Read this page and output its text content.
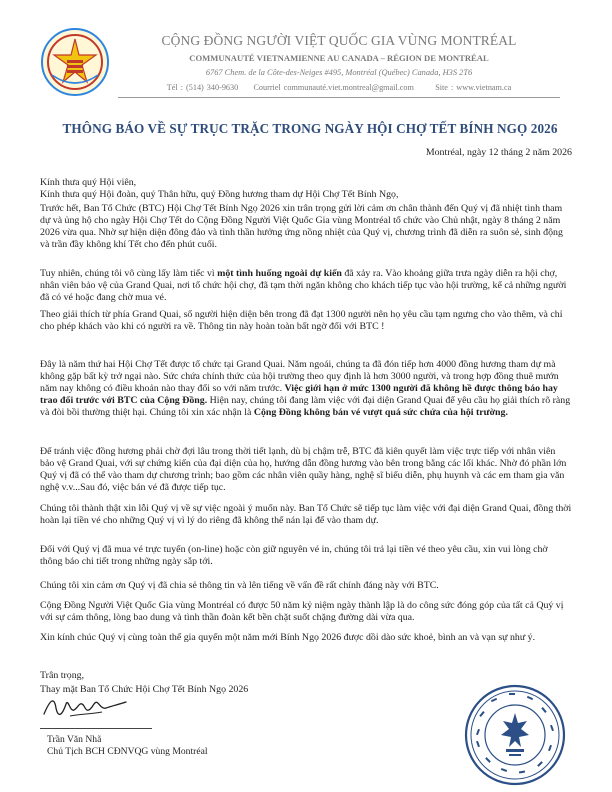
CỘNG ĐỒNG NGƯỜI VIỆT QUỐC GIA VÙNG MONTRÉAL
COMMUNAUTÉ VIETNAMIENNE AU CANADA – RÉGION DE MONTRÉAL
6767 Chem. de la Côte-des-Neiges #495, Montréal (Québec) Canada, H3S 2T6
Tél : (514) 340-9630 Courriel communauté.viet.montreal@gmail.com	Site : www.vietnam.ca
THÔNG BÁO VỀ SỰ TRỤC TRẶC TRONG NGÀY HỘI CHỢ TẾT BÍNH NGỌ 2026
Montréal, ngày 12 tháng 2 năm 2026

Kính thưa quý Hội viên,

Kính thưa quý Hội đoàn, quý Thân hữu, quý Đồng hương tham dự Hội Chợ Tết Bính Ngọ,

Trước hết, Ban Tổ Chức (BTC) Hội Chợ Tết Bính Ngọ 2026 xin trân trọng gửi lời cảm ơn chân thành đến Quý vị đã nhiệt tình tham dự và ủng hộ cho ngày Hội Chợ Tết do Cộng Đồng Người Việt Quốc Gia vùng Montréal tổ chức vào Chủ nhật, ngày 8 tháng 2 năm 2026 vừa qua. Nhờ sự hiện diện đông đảo và tình thần hưởng ứng nồng nhiệt của Quý vị, chương trình đã diễn ra suôn sẻ, sinh động và trần đầy không khí Tết cho đến phút cuối.

Tuy nhiên, chúng tôi vô cùng lấy làm tiếc vì một tình huống ngoài dự kiến đã xảy ra. Vào khoảng giữa trưa ngày diễn ra hội chợ, nhân viên bảo vệ của Grand Quai, nơi tổ chức hội chợ, đã tạm thời ngăn không cho khách tiếp tục vào hội trường, kể cả những người đã có vé hoặc đang chờ mua vé.

Theo giải thích từ phía Grand Quai, số người hiện diện bên trong đã đạt 1300 người nên họ yêu cầu tạm ngưng cho vào thêm, và chỉ cho phép khách vào khi có người ra về. Thông tin này hoàn toàn bất ngờ đối với BTC !

Đây là năm thứ hai Hội Chợ Tết được tổ chức tại Grand Quai. Năm ngoái, chúng ta đã đón tiếp hơn 4000 đồng hương tham dự mà không gặp bất kỳ trở ngại nào. Sức chứa chính thức của hội trường theo quy định là hơn 3000 người, và trong hợp đồng thuê mướn năm nay không có điều khoản nào thay đổi so với năm trước. Việc giới hạn ở mức 1300 người đã không hề được thông báo hay trao đổi trước với BTC của Cộng Đồng. Hiện nay, chúng tôi đang làm việc với đại diện Grand Quai để yêu cầu họ giải thích rõ ràng và đòi bồi thường thiệt hại. Chúng tôi xin xác nhận là Cộng Đồng không bán vé vượt quá sức chứa của hội trường.

Để tránh việc đồng hương phải chờ đợi lâu trong thời tiết lạnh, dù bị chậm trễ, BTC đã kiên quyết làm việc trực tiếp với nhân viên bảo vệ Grand Quai, với sự chứng kiến của đại diện của họ, hướng dẫn đồng hương vào bên trong bằng các lối khác. Nhờ đó phần lớn Quý vị đã có thể vào tham dự chương trình; bao gồm các nhân viên quầy hàng, nghệ sĩ biểu diễn, phụ huynh và các em tham gia văn nghệ v.v...Sau đó, việc bán vé đã được tiếp tục.

Chúng tôi thành thật xin lỗi Quý vị về sự việc ngoài ý muốn này. Ban Tổ Chức sẽ tiếp tục làm việc với đại diện Grand Quai, đồng thời hoàn lại tiền vé cho những Quý vị vì lý do riêng đã không thể nán lại để vào tham dự.

Đối với Quý vị đã mua vé trực tuyến (on-line) hoặc còn giữ nguyên vé in, chúng tôi trả lại tiền vé theo yêu cầu, xin vui lòng chờ thông báo chi tiết trong những ngày sắp tới.

Chúng tôi xin cảm ơn Quý vị đã chia sẻ thông tin và lên tiếng về vấn đề rất chính đáng này với BTC.

Cộng Đồng Người Việt Quốc Gia vùng Montréal có được 50 năm kỷ niệm ngày thành lập là do công sức đóng góp của tất cả Quý vị với sự cảm thông, lòng bao dung và tình thần đoàn kết bền chặt suốt chặng đường dài vừa qua.

Xin kính chúc Quý vị cùng toàn thể gia quyến một năm mới Bính Ngọ 2026 được dồi dào sức khoẻ, bình an và vạn sự như ý.

Trân trọng,

Thay mặt Ban Tổ Chức Hội Chợ Tết Bính Ngọ 2026

Trần Văn Nhã
Chủ Tịch BCH CĐNVQG vùng Montréal
